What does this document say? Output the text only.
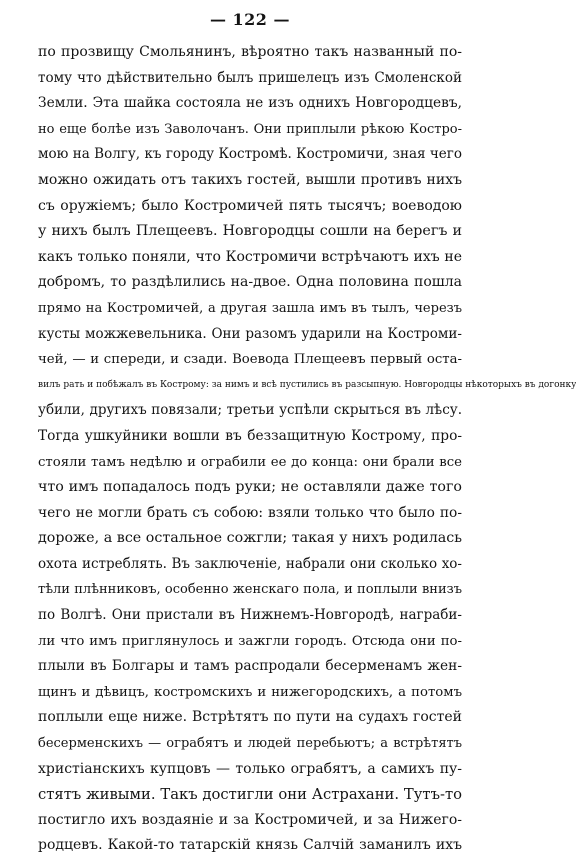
— 122 —
по прозвищу Смольянинъ, вѣроятно такъ названный по-
тому что дѣйствительно былъ пришелецъ изъ Смоленской
Земли. Эта шайка состояла не изъ однихъ Новгородцевъ,
но еще болѣе изъ Заволочанъ. Они приплыли рѣкою Костро-
мою на Волгу, къ городу Костромѣ. Костромичи, зная чего
можно ожидать отъ такихъ гостей, вышли противъ нихъ
съ оружіемъ; было Костромичей пять тысячъ; воеводою
у нихъ былъ Плещеевъ. Новгородцы сошли на берегъ и
какъ только поняли, что Костромичи встрѣчаютъ ихъ не
добромъ, то раздѣлились на-двое. Одна половина пошла
прямо на Костромичей, а другая зашла имъ въ тылъ, черезъ
кусты можжевельника. Они разомъ ударили на Костроми-
чей, — и спереди, и сзади. Воевода Плещеевъ первый оста-
вилъ рать и побѣжалъ въ Кострому: за нимъ и всѣ пустились въ разсыпную. Новгородцы нѣкоторыхъ въ догонку
убили, другихъ повязали; третьи успѣли скрыться въ лѣсу.
Тогда ушкуйники вошли въ беззащитную Кострому, про-
стояли тамъ недѣлю и ограбили ее до конца: они брали все
что имъ попадалось подъ руки; не оставляли даже того
чего не могли брать съ собою: взяли только что было по-
дороже, а все остальное сожгли; такая у нихъ родилась
охота истреблять. Въ заключеніе, набрали они сколько хо-
тѣли плѣнниковъ, особенно женскаго пола, и поплыли внизъ
по Волгѣ. Они пристали въ Нижнемъ-Новгородѣ, награби-
ли что имъ приглянулось и зажгли городъ. Отсюда они по-
плыли въ Болгары и тамъ распродали бесерменамъ жен-
щинъ и дѣвицъ, костромскихъ и нижегородскихъ, а потомъ
поплыли еще ниже. Встрѣтятъ по пути на судахъ гостей
бесерменскихъ — ограбятъ и людей перебьютъ; а встрѣтятъ
христіанскихъ купцовъ — только ограбятъ, а самихъ пу-
стятъ живыми. Такъ достигли они Астрахани. Тутъ-то
постигло ихъ воздаяніе и за Костромичей, и за Нижего-
родцевъ. Какой-то татарскій князь Салчій заманилъ ихъ
